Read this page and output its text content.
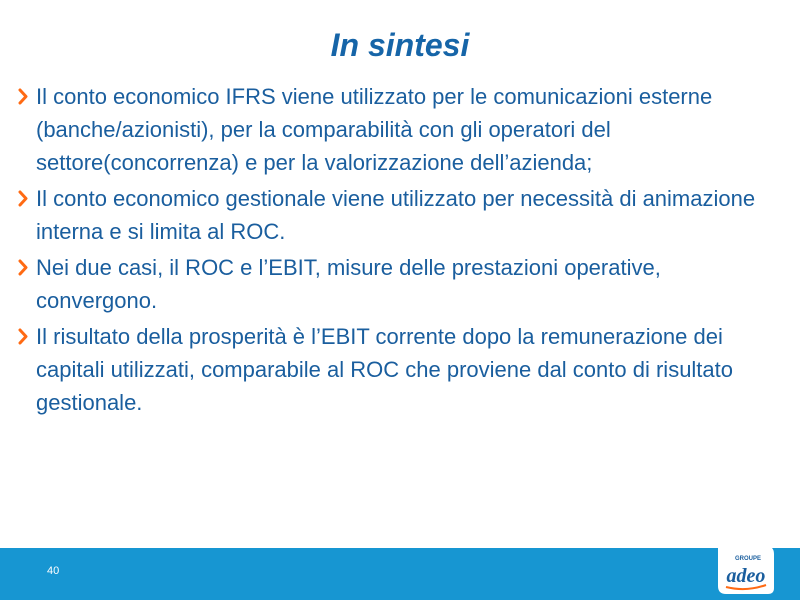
In sintesi
Il conto economico IFRS viene utilizzato per le comunicazioni esterne (banche/azionisti), per la comparabilità con gli operatori del settore(concorrenza) e per la valorizzazione dell’azienda;
Il conto economico gestionale viene utilizzato per necessità di animazione interna e si limita al ROC.
Nei due casi, il ROC e l’EBIT, misure delle prestazioni operative, convergono.
Il risultato della prosperità è l’EBIT corrente dopo la remunerazione dei capitali utilizzati, comparabile al ROC che proviene dal conto di risultato gestionale.
40
GROUPE
adeo
